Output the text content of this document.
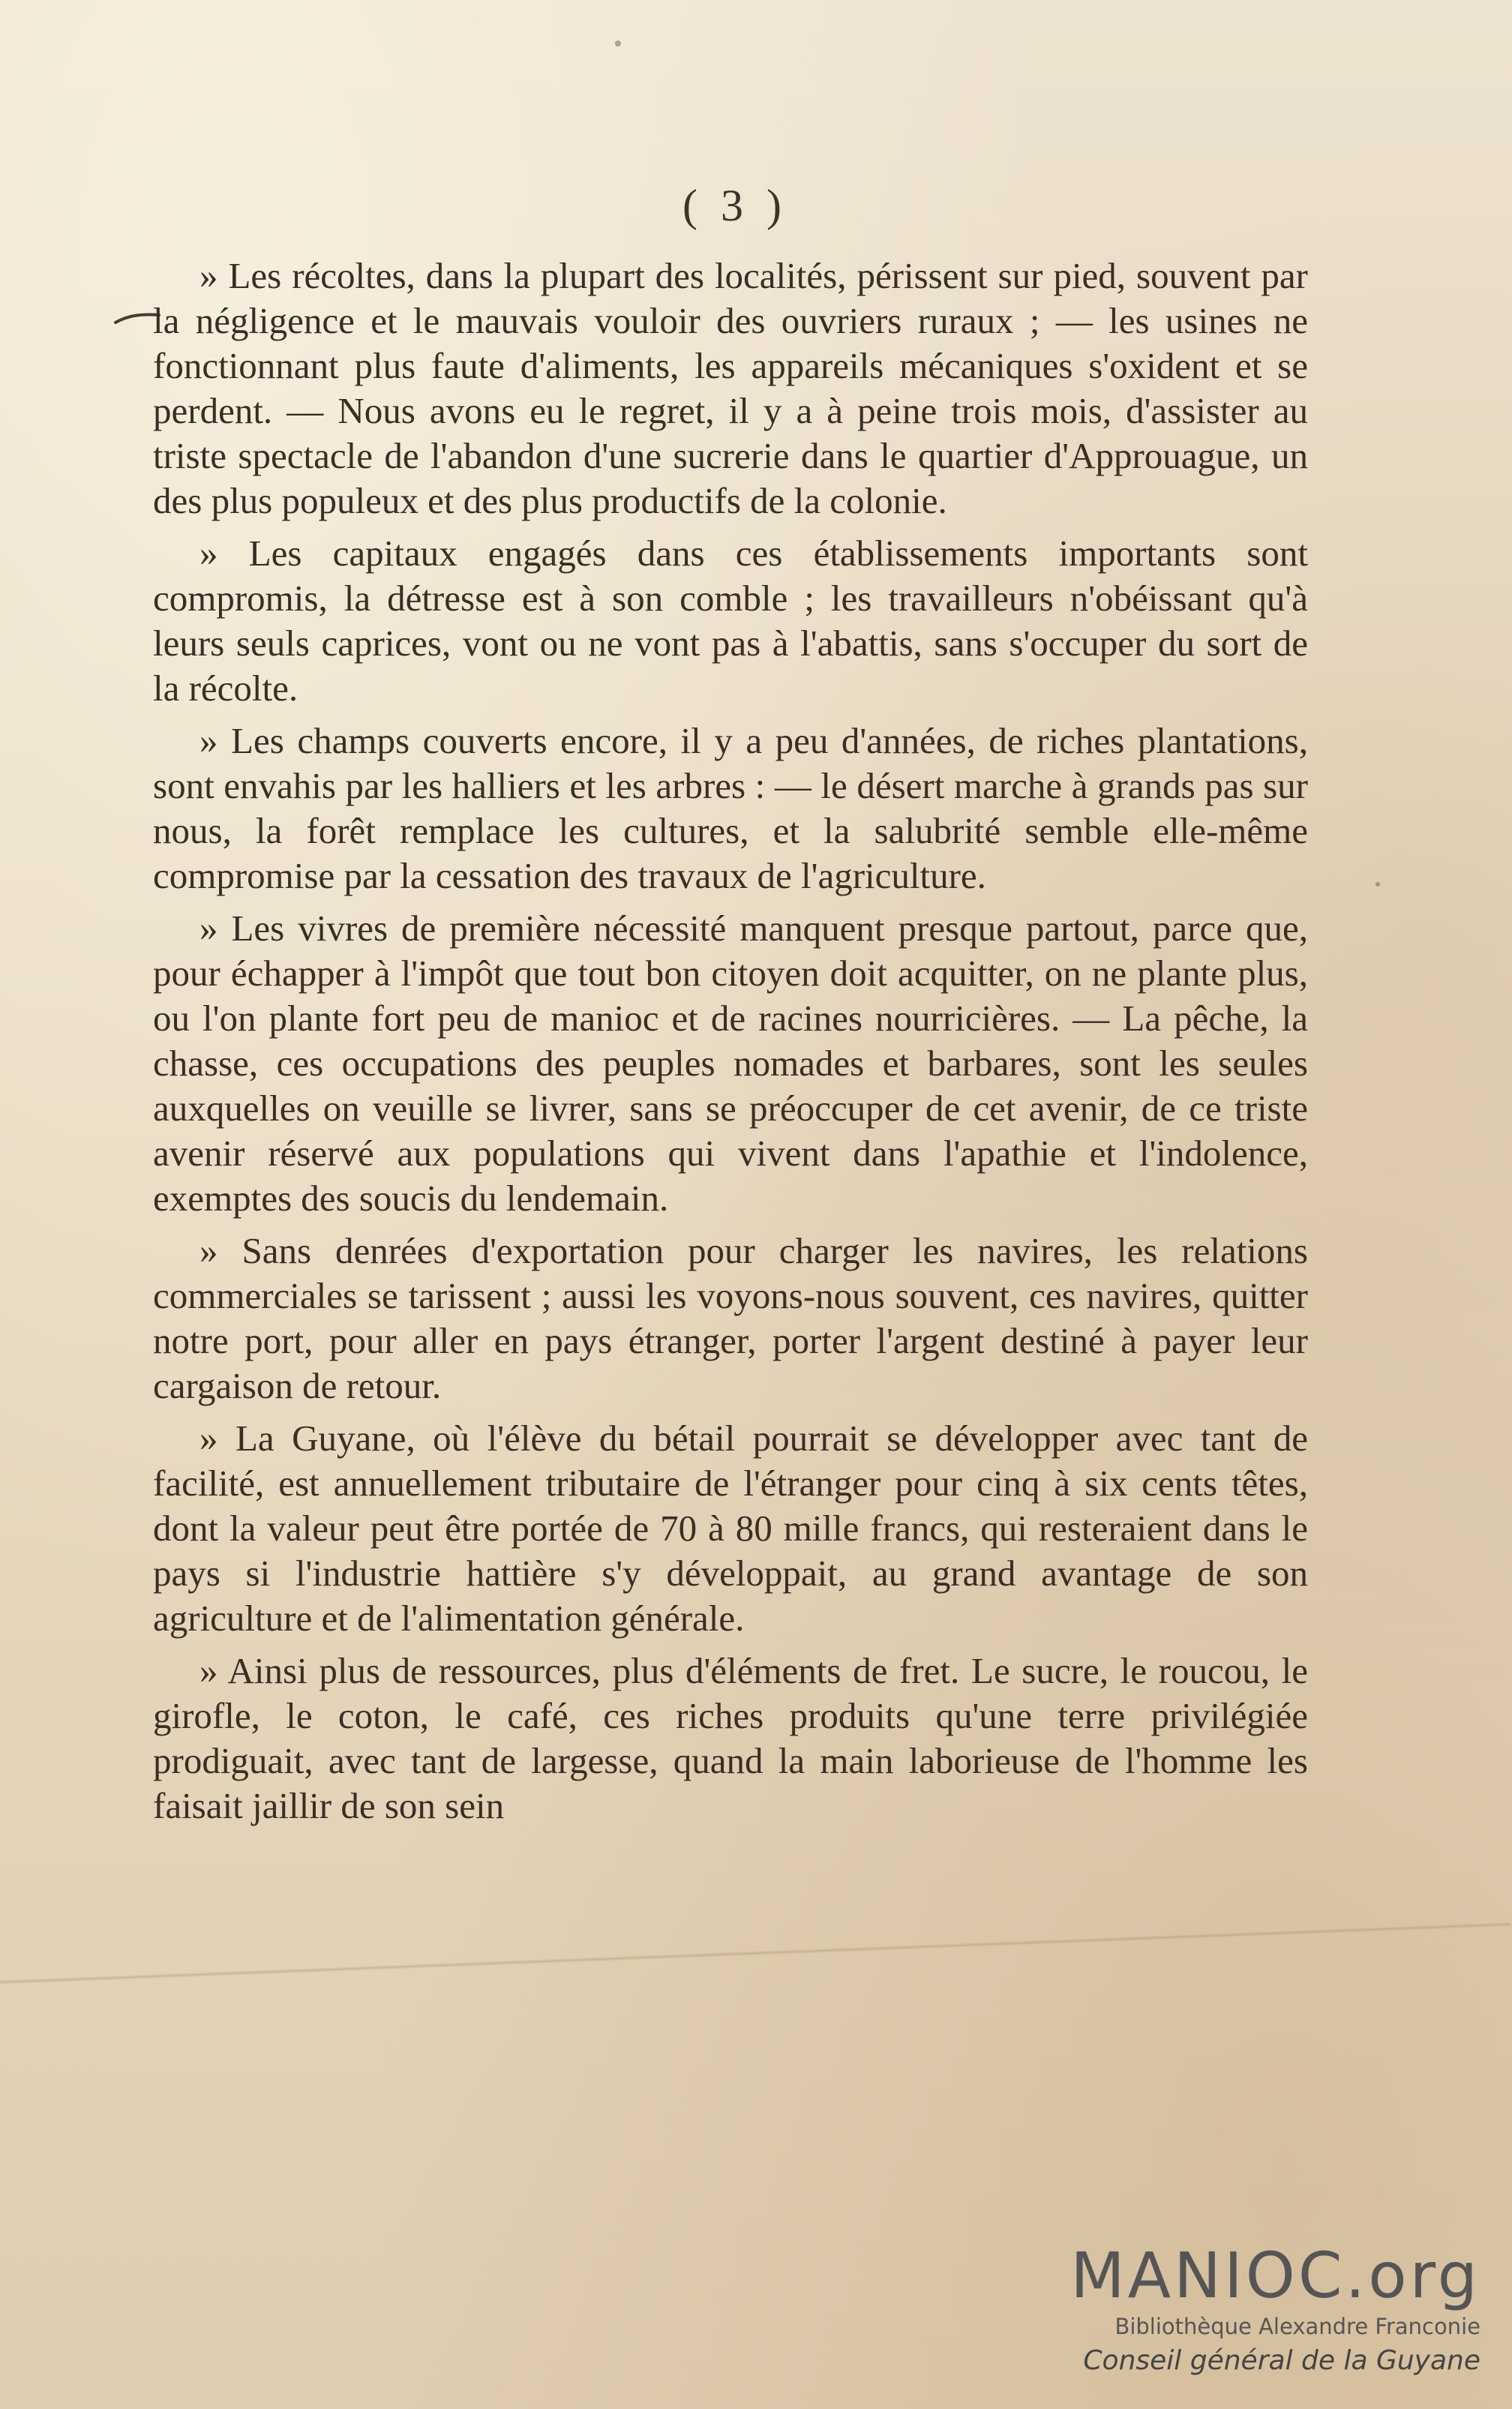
( 3 )

» Les récoltes, dans la plupart des localités, périssent sur pied, souvent par la négligence et le mauvais vouloir des ouvriers ruraux ; — les usines ne fonctionnant plus faute d'aliments, les appareils mécaniques s'oxident et se perdent. — Nous avons eu le regret, il y a à peine trois mois, d'assister au triste spectacle de l'abandon d'une sucrerie dans le quartier d'Approuague, un des plus populeux et des plus productifs de la colonie.

» Les capitaux engagés dans ces établissements importants sont compromis, la détresse est à son comble ; les travailleurs n'obéissant qu'à leurs seuls caprices, vont ou ne vont pas à l'abattis, sans s'occuper du sort de la récolte.

» Les champs couverts encore, il y a peu d'années, de riches plantations, sont envahis par les halliers et les arbres : — le désert marche à grands pas sur nous, la forêt remplace les cultures, et la salubrité semble elle-même compromise par la cessation des travaux de l'agriculture.

» Les vivres de première nécessité manquent presque partout, parce que, pour échapper à l'impôt que tout bon citoyen doit acquitter, on ne plante plus, ou l'on plante fort peu de manioc et de racines nourricières. — La pêche, la chasse, ces occupations des peuples nomades et barbares, sont les seules auxquelles on veuille se livrer, sans se préoccuper de cet avenir, de ce triste avenir réservé aux populations qui vivent dans l'apathie et l'indolence, exemptes des soucis du lendemain.

» Sans denrées d'exportation pour charger les navires, les relations commerciales se tarissent ; aussi les voyons-nous souvent, ces navires, quitter notre port, pour aller en pays étranger, porter l'argent destiné à payer leur cargaison de retour.

» La Guyane, où l'élève du bétail pourrait se développer avec tant de facilité, est annuellement tributaire de l'étranger pour cinq à six cents têtes, dont la valeur peut être portée de 70 à 80 mille francs, qui resteraient dans le pays si l'industrie hattière s'y développait, au grand avantage de son agriculture et de l'alimentation générale.

» Ainsi plus de ressources, plus d'éléments de fret. Le sucre, le roucou, le girofle, le coton, le café, ces riches produits qu'une terre privilégiée prodiguait, avec tant de largesse, quand la main laborieuse de l'homme les faisait jaillir de son sein

MANIOC.org
Bibliothèque Alexandre Franconie
Conseil général de la Guyane
